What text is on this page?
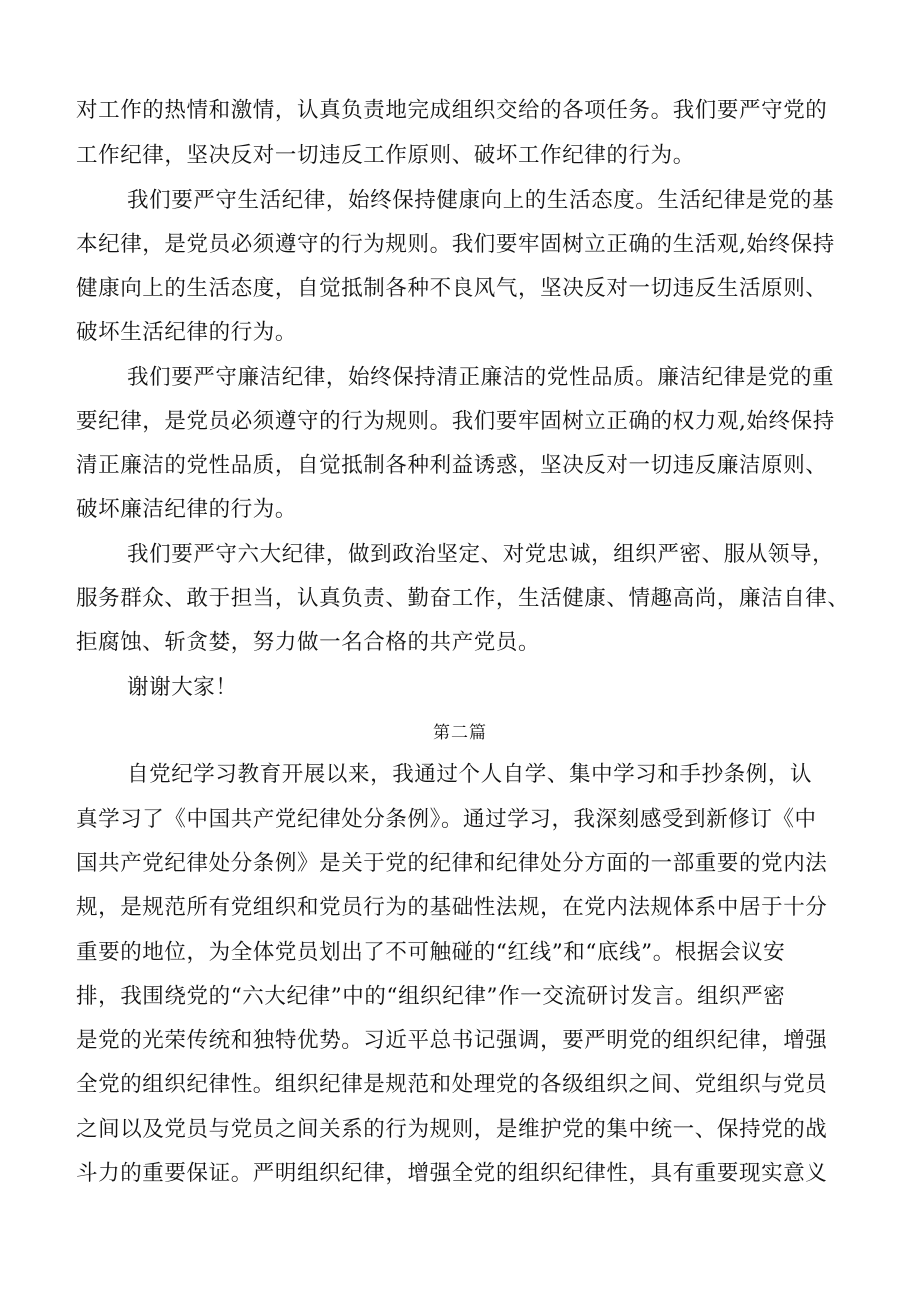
对工作的热情和激情，认真负责地完成组织交给的各项任务。我们要严守党的
工作纪律，坚决反对一切违反工作原则、破坏工作纪律的行为。
我们要严守生活纪律，始终保持健康向上的生活态度。生活纪律是党的基
本纪律，是党员必须遵守的行为规则。我们要牢固树立正确的生活观,始终保持
健康向上的生活态度，自觉抵制各种不良风气，坚决反对一切违反生活原则、
破坏生活纪律的行为。
我们要严守廉洁纪律，始终保持清正廉洁的党性品质。廉洁纪律是党的重
要纪律，是党员必须遵守的行为规则。我们要牢固树立正确的权力观,始终保持
清正廉洁的党性品质，自觉抵制各种利益诱惑，坚决反对一切违反廉洁原则、
破坏廉洁纪律的行为。
我们要严守六大纪律，做到政治坚定、对党忠诚，组织严密、服从领导，
服务群众、敢于担当，认真负责、勤奋工作，生活健康、情趣高尚，廉洁自律、
拒腐蚀、斩贪婪，努力做一名合格的共产党员。
谢谢大家！
第二篇
自党纪学习教育开展以来，我通过个人自学、集中学习和手抄条例，认
真学习了《中国共产党纪律处分条例》。通过学习，我深刻感受到新修订《中
国共产党纪律处分条例》是关于党的纪律和纪律处分方面的一部重要的党内法
规，是规范所有党组织和党员行为的基础性法规，在党内法规体系中居于十分
重要的地位，为全体党员划出了不可触碰的“红线”和“底线”。根据会议安
排，我围绕党的“六大纪律”中的“组织纪律”作一交流研讨发言。组织严密
是党的光荣传统和独特优势。习近平总书记强调，要严明党的组织纪律，增强
全党的组织纪律性。组织纪律是规范和处理党的各级组织之间、党组织与党员
之间以及党员与党员之间关系的行为规则，是维护党的集中统一、保持党的战
斗力的重要保证。严明组织纪律，增强全党的组织纪律性，具有重要现实意义
